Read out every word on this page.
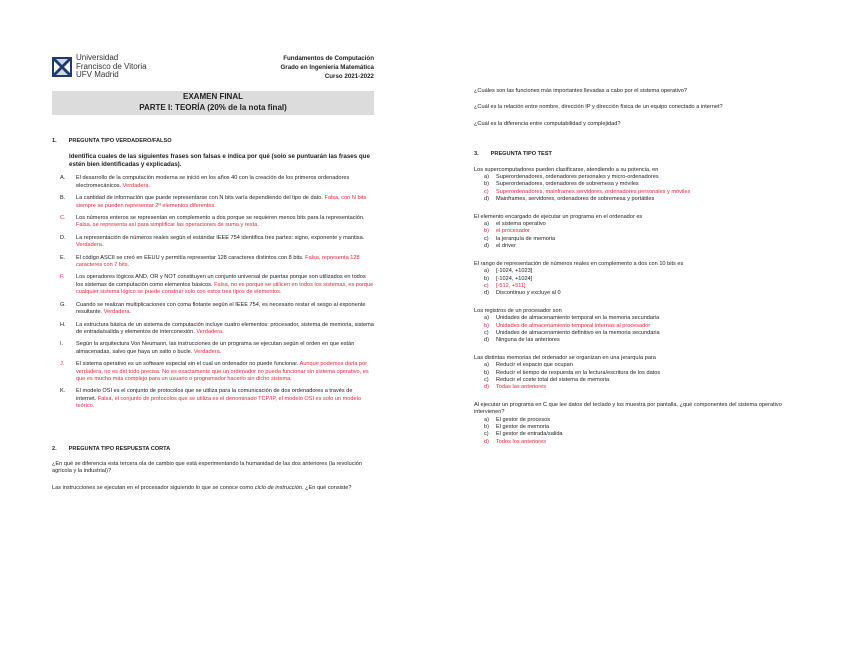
Universidad
Francisco de Vitoria
UFV Madrid
Fundamentos de Computación
Grado en Ingeniería Matemática
Curso 2021-2022
EXAMEN FINAL
PARTE I: TEORÍA (20% de la nota final)
1. PREGUNTA TIPO VERDADERO/FALSO
Identifica cuales de las siguientes frases son falsas e indica por qué (solo se puntuarán las frases que estén bien identificadas y explicadas).
A.	El desarrollo de la computación moderna se inició en los años 40 con la creación de los primeros ordenadores electromecánicos. Verdadera.
B.	La cantidad de información que puede representarse con N bits varía dependiendo del tipo de dato. Falsa, con N bits siempre se pueden representar 2ᴺ elementos diferentes.
C.	Los números enteros se representan en complemento a dos porque se requieren menos bits para la representación. Falsa, se representa así para simplificar las operaciones de suma y resta.
D.	La representación de números reales según el estándar IEEE 754 identifica tres partes: signo, exponente y mantisa. Verdadera.
E.	El código ASCII se creó en EEUU y permitía representar 128 caracteres distintos con 8 bits. Falsa, representa 128 caracteres con 7 bits.
F.	Los operadores lógicos AND, OR y NOT constituyen un conjunto universal de puertas porque son utilizados en todos los sistemas de computación como elementos básicos. Falsa, no es porque se utilicen en todos los sistemas, es porque cualquier sistema lógico se puede construir solo con estos tres tipos de elementos.
G.	Cuando se realizan multiplicaciones con coma flotante según el IEEE 754, es necesario restar el sesgo al exponente resultante. Verdadera.
H.	La estructura básica de un sistema de computación incluye cuatro elementos: procesador, sistema de memoria, sistema de entrada/salida y elementos de interconexión. Verdadera.
I.	Según la arquitectura Von Neumann, las instrucciones de un programa se ejecutan según el orden en que están almacenadas, salvo que haya un salto o bucle. Verdadera.
J.	El sistema operativo es un software especial sin el cual un ordenador no puede funcionar. Aunque podemos darla por verdadera, no es del todo precisa. No es exactamente que un ordenador no pueda funcionar sin sistema operativo, es que es mucho más complejo para un usuario o programador hacerlo sin dicho sistema.
K.	El modelo OSI es el conjunto de protocolos que se utiliza para la comunicación de dos ordenadores a través de internet. Falsa, el conjunto de protocolos que se utiliza es el denominado TCP/IP, el modelo OSI es solo un modelo teórico.
2. PREGUNTA TIPO RESPUESTA CORTA
¿En qué se diferencia esta tercera ola de cambio que está experimentando la humanidad de las dos anteriores (la revolución agrícola y la industrial)?
Las instrucciones se ejecutan en el procesador siguiendo lo que se conoce como ciclo de instrucción. ¿En qué consiste?
¿Cuáles son las funciones más importantes llevadas a cabo por el sistema operativo?
¿Cuál es la relación entre nombre, dirección IP y dirección física de un equipo conectado a internet?
¿Cuál es la diferencia entre computabilidad y complejidad?
3. PREGUNTA TIPO TEST
Los supercomputadores pueden clasificarse, atendiendo a su potencia, en
a)	Superordenadores, ordenadores personales y micro-ordenadores
b)	Superordenadores, ordenadores de sobremesa y móviles
c)	Superordenadores, mainframes servidores, ordenadores personales y móviles
d)	Mainframes, servidores, ordenadores de sobremesa y portátiles
El elemento encargado de ejecutar un programa en el ordenador es
a)	el sistema operativo
b)	el procesador
c)	la jerarquía de memoria
d)	el driver
El rango de representación de números reales en complemento a dos con 10 bits es
a)	[-1024, +1023]
b)	[-1024, +1024]
c)	[-512, +511]
d)	Discontinuo y excluye al 0
Los registros de un procesador son
a)	Unidades de almacenamiento temporal en la memoria secundaria
b)	Unidades de almacenamiento temporal internas al procesador
c)	Unidades de almacenamiento definitivo en la memoria secundaria
d)	Ninguna de las anteriores
Las distintas memorias del ordenador se organizan en una jerarquía para
a)	Reducir el espacio que ocupan
b)	Reducir el tiempo de respuesta en la lectura/escritura de los datos
c)	Reducir el coste total del sistema de memoria
d)	Todas las anteriores
Al ejecutar un programa en C que lee datos del teclado y los muestra por pantalla, ¿qué componentes del sistema operativo intervienen?
a)	El gestor de procesos
b)	El gestor de memoria
c)	El gestor de entrada/salida
d)	Todos los anteriores
